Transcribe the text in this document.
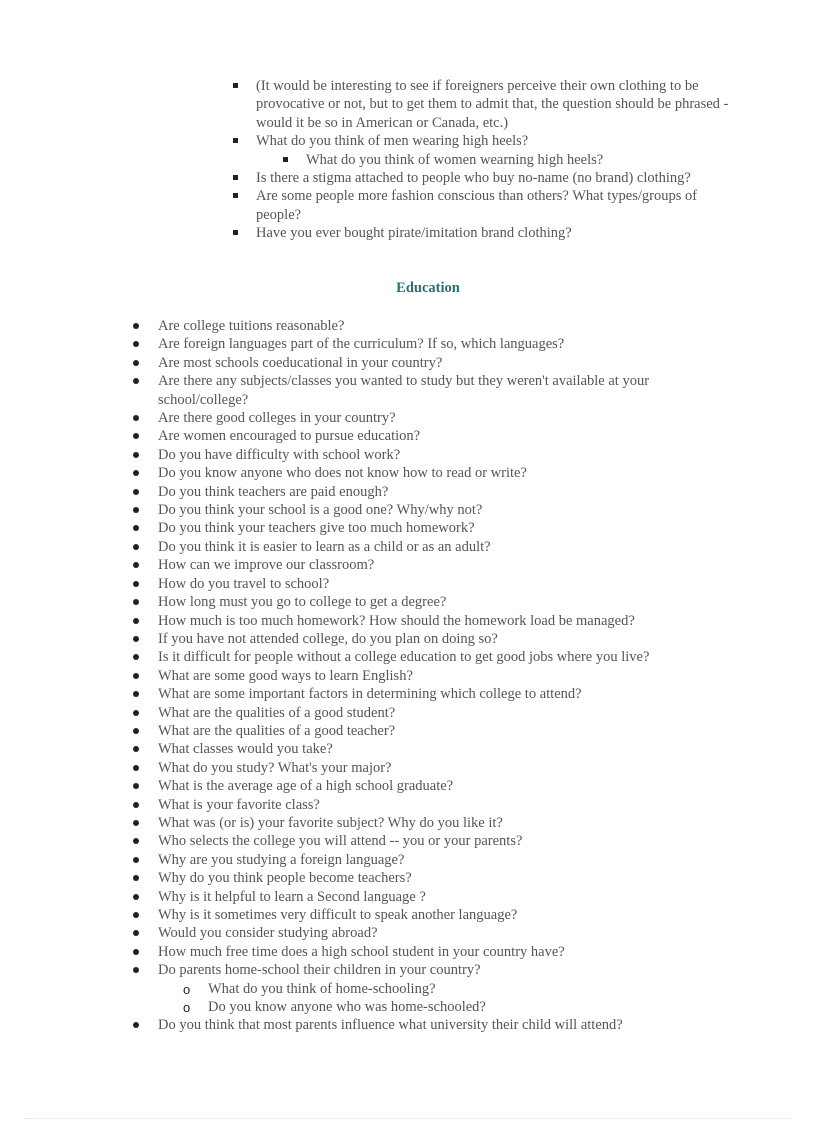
(It would be interesting to see if foreigners perceive their own clothing to be provocative or not, but to get them to admit that, the question should be phrased - would it be so in American or Canada, etc.)
What do you think of men wearing high heels?
What do you think of women wearning high heels?
Is there a stigma attached to people who buy no-name (no brand) clothing?
Are some people more fashion conscious than others? What types/groups of people?
Have you ever bought pirate/imitation brand clothing?
Education
Are college tuitions reasonable?
Are foreign languages part of the curriculum? If so, which languages?
Are most schools coeducational in your country?
Are there any subjects/classes you wanted to study but they weren't available at your school/college?
Are there good colleges in your country?
Are women encouraged to pursue education?
Do you have difficulty with school work?
Do you know anyone who does not know how to read or write?
Do you think teachers are paid enough?
Do you think your school is a good one? Why/why not?
Do you think your teachers give too much homework?
Do you think it is easier to learn as a child or as an adult?
How can we improve our classroom?
How do you travel to school?
How long must you go to college to get a degree?
How much is too much homework? How should the homework load be managed?
If you have not attended college, do you plan on doing so?
Is it difficult for people without a college education to get good jobs where you live?
What are some good ways to learn English?
What are some important factors in determining which college to attend?
What are the qualities of a good student?
What are the qualities of a good teacher?
What classes would you take?
What do you study? What's your major?
What is the average age of a high school graduate?
What is your favorite class?
What was (or is) your favorite subject? Why do you like it?
Who selects the college you will attend -- you or your parents?
Why are you studying a foreign language?
Why do you think people become teachers?
Why is it helpful to learn a Second language ?
Why is it sometimes very difficult to speak another language?
Would you consider studying abroad?
How much free time does a high school student in your country have?
Do parents home-school their children in your country?
o What do you think of home-schooling?
o Do you know anyone who was home-schooled?
Do you think that most parents influence what university their child will attend?
